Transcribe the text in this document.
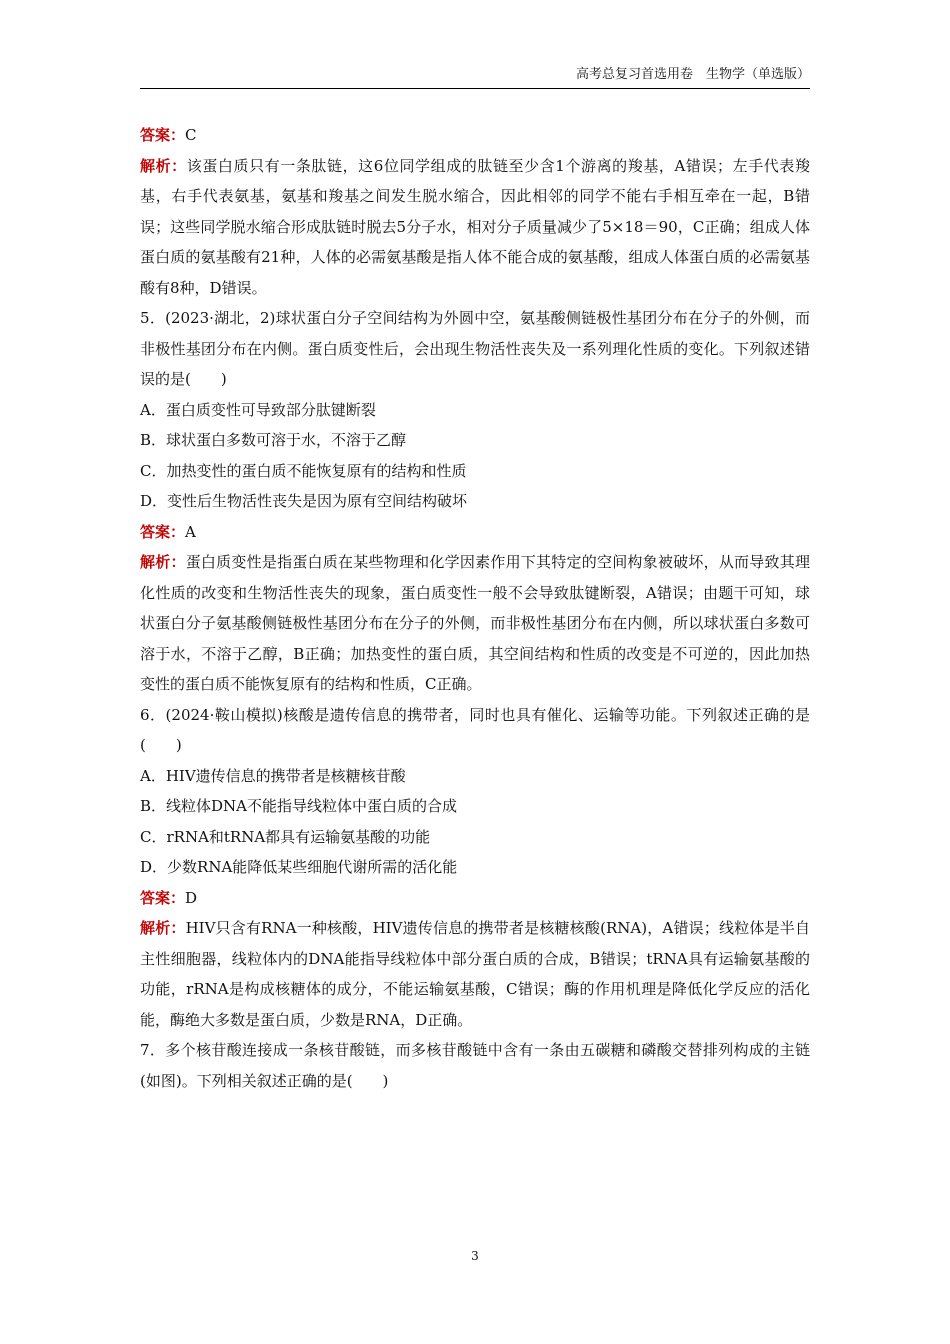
高考总复习首选用卷　生物学（单选版）

答案：C

解析：该蛋白质只有一条肽链，这6位同学组成的肽链至少含1个游离的羧基，A错误；左手代表羧基，右手代表氨基，氨基和羧基之间发生脱水缩合，因此相邻的同学不能右手相互牵在一起，B错误；这些同学脱水缩合形成肽链时脱去5分子水，相对分子质量减少了5×18＝90，C正确；组成人体蛋白质的氨基酸有21种，人体的必需氨基酸是指人体不能合成的氨基酸，组成人体蛋白质的必需氨基酸有8种，D错误。

5．(2023·湖北，2)球状蛋白分子空间结构为外圆中空，氨基酸侧链极性基团分布在分子的外侧，而非极性基团分布在内侧。蛋白质变性后，会出现生物活性丧失及一系列理化性质的变化。下列叙述错误的是(　　)

A．蛋白质变性可导致部分肽键断裂

B．球状蛋白多数可溶于水，不溶于乙醇

C．加热变性的蛋白质不能恢复原有的结构和性质

D．变性后生物活性丧失是因为原有空间结构破坏

答案：A

解析：蛋白质变性是指蛋白质在某些物理和化学因素作用下其特定的空间构象被破坏，从而导致其理化性质的改变和生物活性丧失的现象，蛋白质变性一般不会导致肽键断裂，A错误；由题干可知，球状蛋白分子氨基酸侧链极性基团分布在分子的外侧，而非极性基团分布在内侧，所以球状蛋白多数可溶于水，不溶于乙醇，B正确；加热变性的蛋白质，其空间结构和性质的改变是不可逆的，因此加热变性的蛋白质不能恢复原有的结构和性质，C正确。

6．(2024·鞍山模拟)核酸是遗传信息的携带者，同时也具有催化、运输等功能。下列叙述正确的是(　　)

A．HIV遗传信息的携带者是核糖核苷酸

B．线粒体DNA不能指导线粒体中蛋白质的合成

C．rRNA和tRNA都具有运输氨基酸的功能

D．少数RNA能降低某些细胞代谢所需的活化能

答案：D

解析：HIV只含有RNA一种核酸，HIV遗传信息的携带者是核糖核酸(RNA)，A错误；线粒体是半自主性细胞器，线粒体内的DNA能指导线粒体中部分蛋白质的合成，B错误；tRNA具有运输氨基酸的功能，rRNA是构成核糖体的成分，不能运输氨基酸，C错误；酶的作用机理是降低化学反应的活化能，酶绝大多数是蛋白质，少数是RNA，D正确。

7．多个核苷酸连接成一条核苷酸链，而多核苷酸链中含有一条由五碳糖和磷酸交替排列构成的主链(如图)。下列相关叙述正确的是(　　)

3
